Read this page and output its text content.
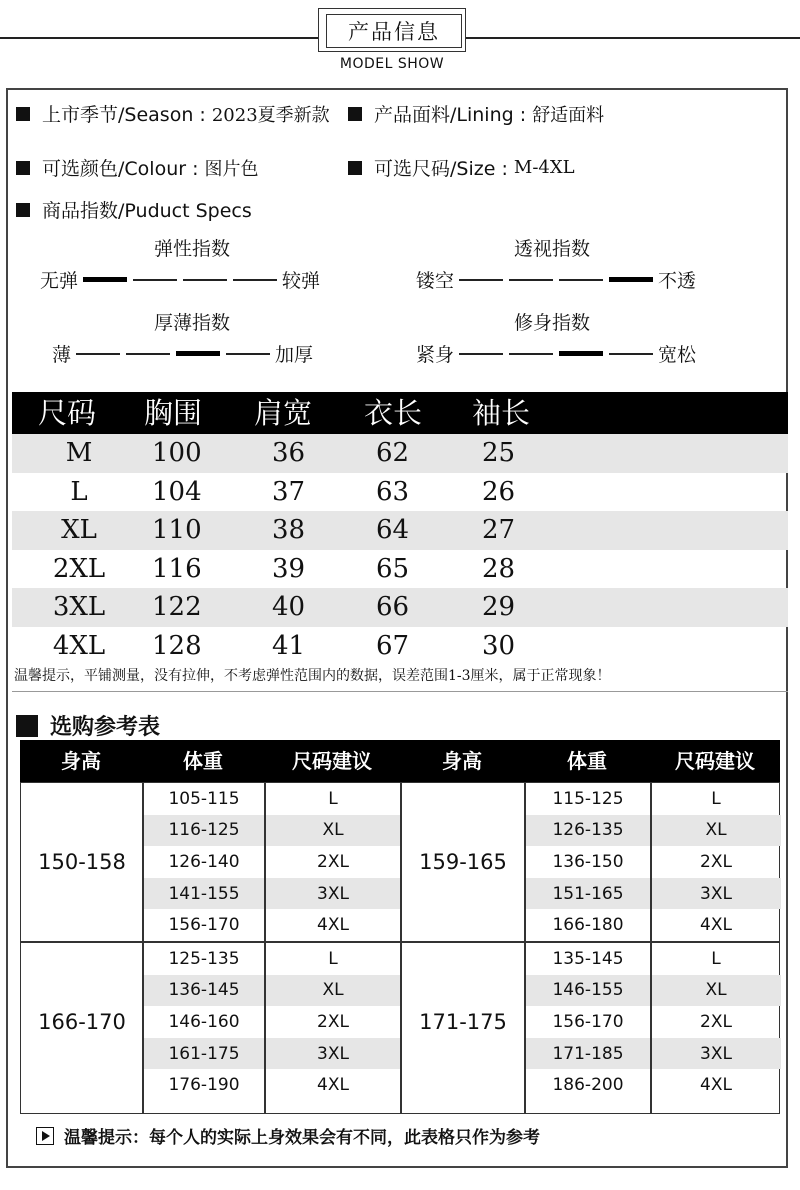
产品信息
MODEL SHOW
上市季节/Season :
2023夏季新款 产品面料/Lining :
舒适面料
可选颜色/Colour :
图片色	可选尺码/Size :
M-4XL
商品指数/Puduct Specs
弹性指数
无弹	较弹
透视指数
镂空	不透
厚薄指数
薄	加厚
修身指数
紧身	宽松
尺码 胸围 肩宽 衣长 袖长
M	100	36	62	25
L	104	37	63	26
XL	110	38	64	27
2XL	116	39	65	28
3XL	122	40	66	29
4XL	128	41	67	30
温馨提示，平铺测量，没有拉伸，不考虑弹性范围内的数据，误差范围1-3厘米，属于正常现象！
选购参考表
身高	体重	尺码建议	身高	体重	尺码建议
150-158
105-115	L
116-125	XL
126-140	2XL
141-155	3XL
156-170	4XL
159-165
115-125	L
126-135	XL
136-150	2XL
151-165	3XL
166-180	4XL
166-170
125-135	L
136-145	XL
146-160	2XL
161-175	3XL
176-190	4XL
171-175
135-145	L
146-155	XL
156-170	2XL
171-185	3XL
186-200	4XL
温馨提示：每个人的实际上身效果会有不同，此表格只作为参考
